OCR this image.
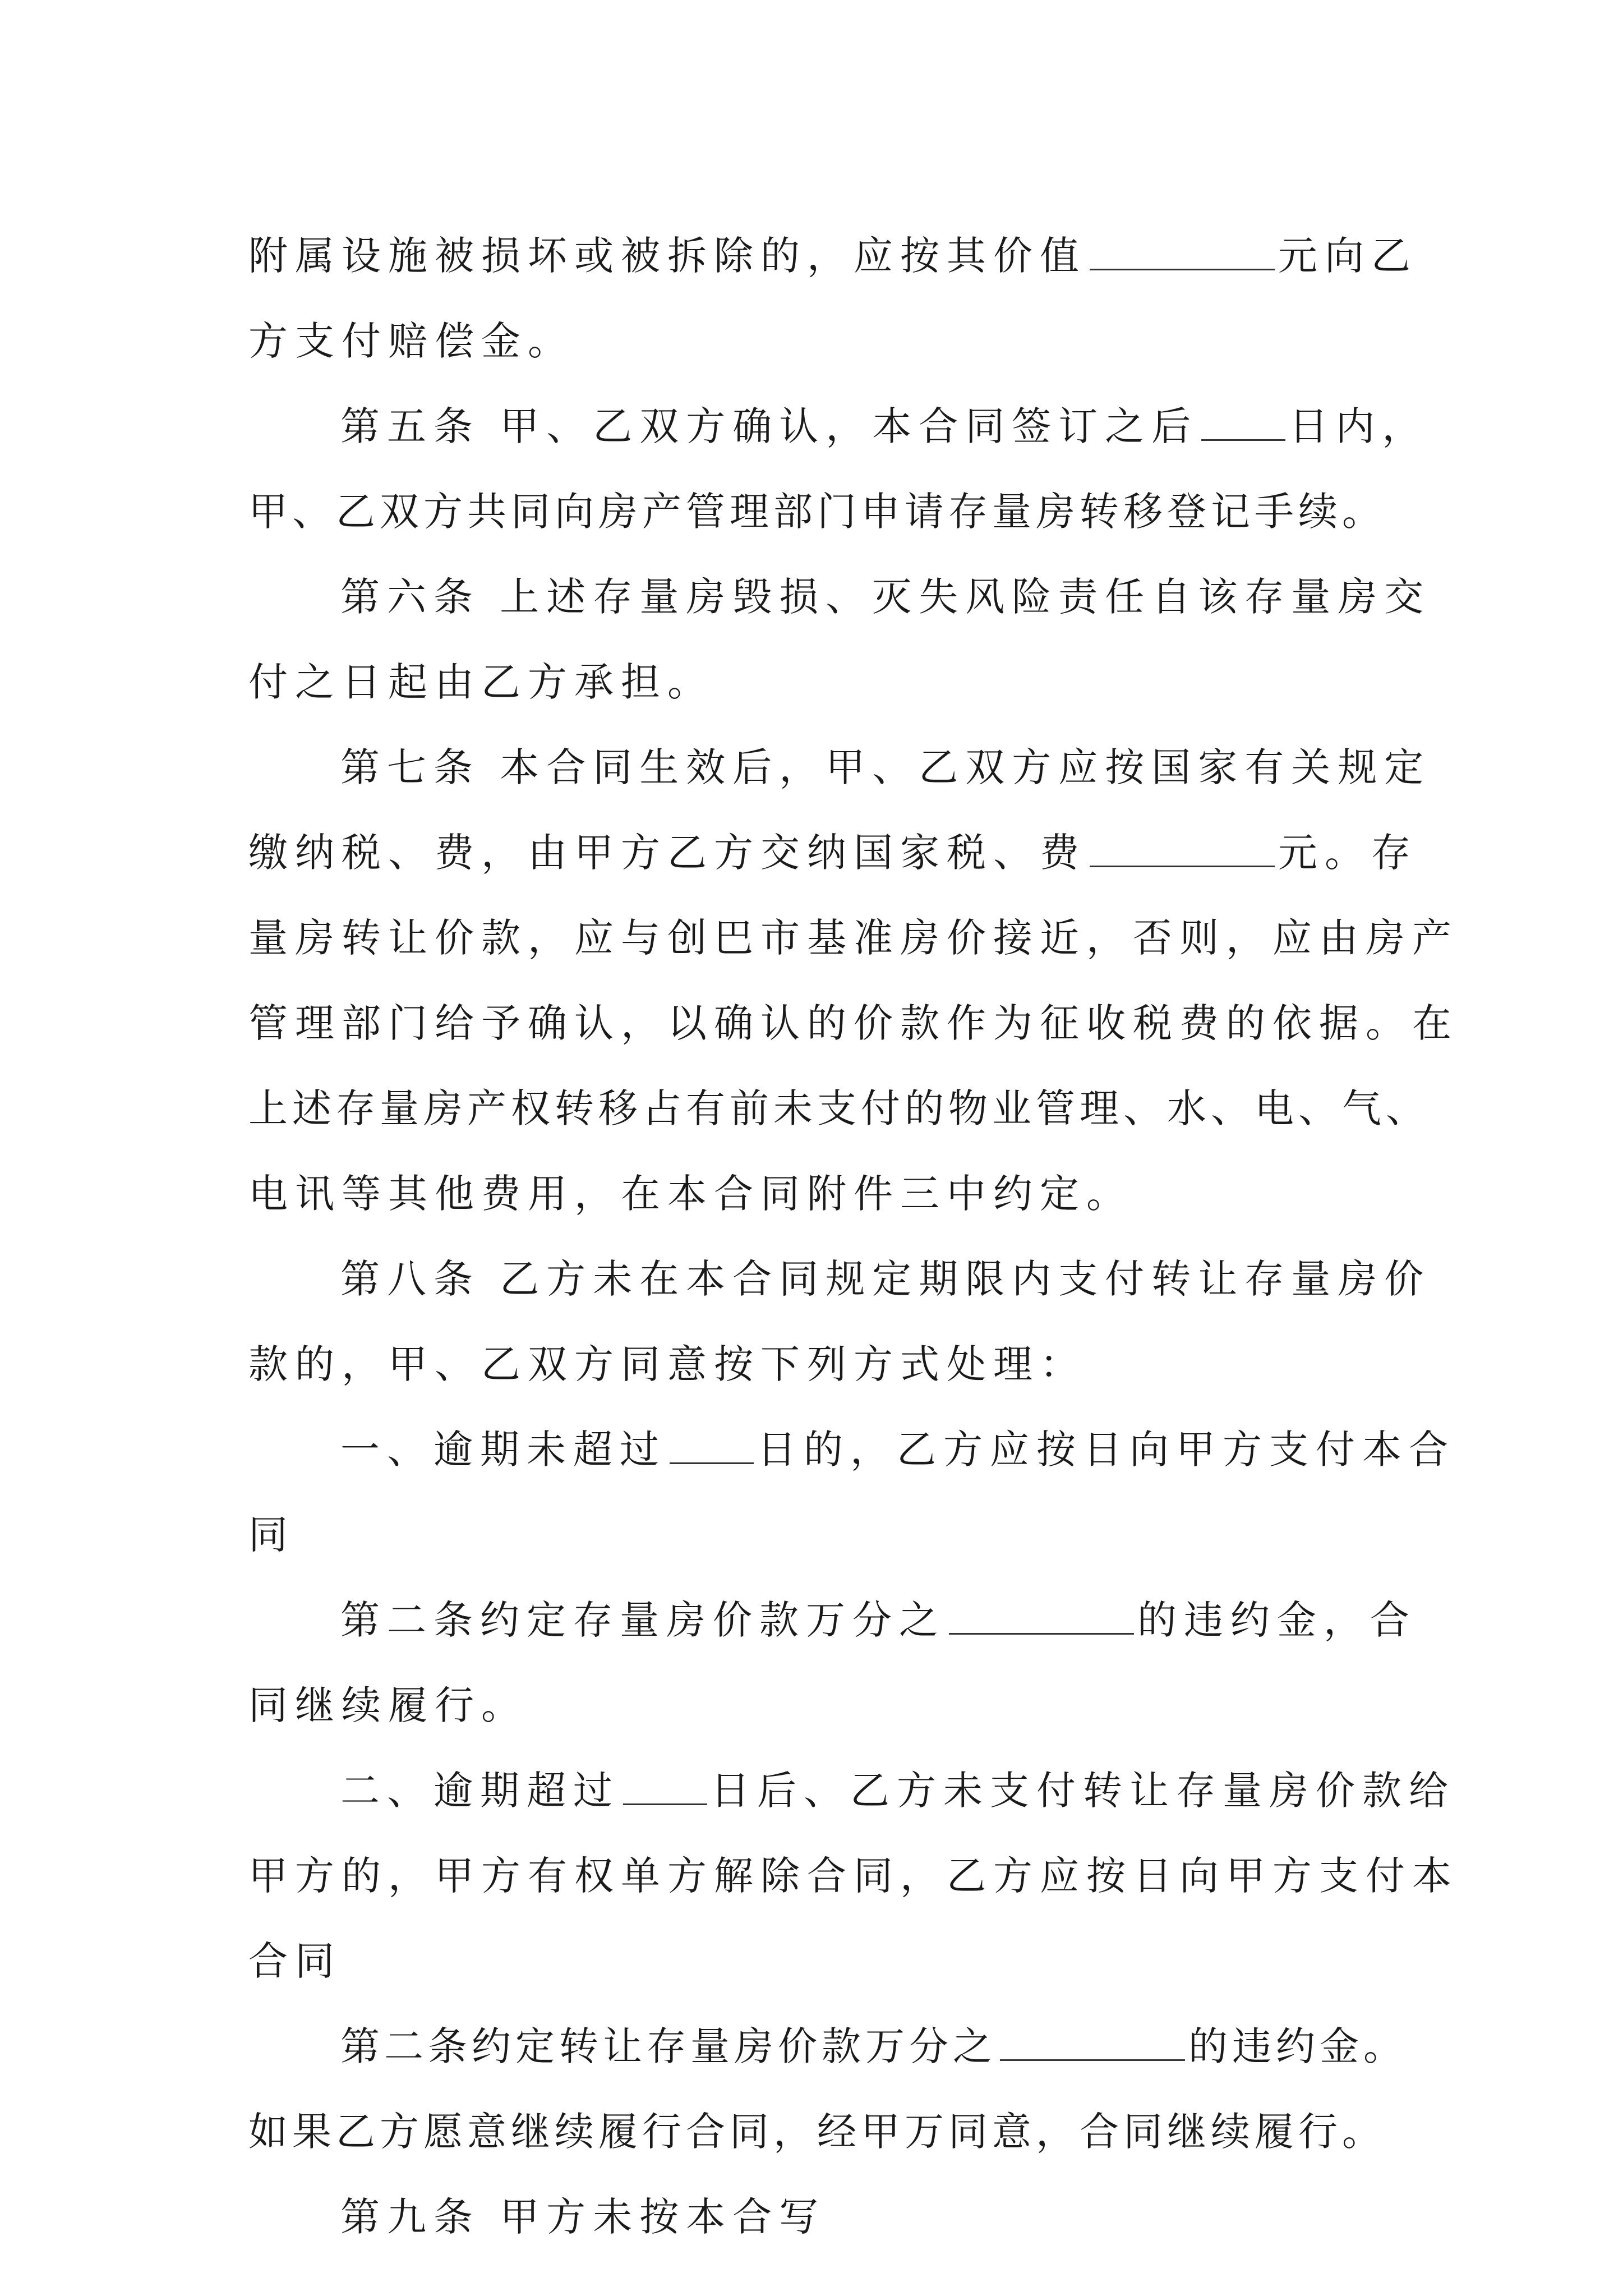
附属设施被损坏或被拆除的，应按其价值	元向乙
方支付赔偿金。
第五条 甲、乙双方确认，本合同签订之后 日内，
甲、乙双方共同向房产管理部门申请存量房转移登记手续。
第六条 上述存量房毁损、灭失风险责任自该存量房交
付之日起由乙方承担。
第七条 本合同生效后，甲、乙双方应按国家有关规定
缴纳税、费，由甲方乙方交纳国家税、费	元。存
量房转让价款，应与创巴市基准房价接近，否则，应由房产
管理部门给予确认，以确认的价款作为征收税费的依据。在
上述存量房产权转移占有前未支付的物业管理、水、电、气、
电讯等其他费用，在本合同附件三中约定。
第八条 乙方未在本合同规定期限内支付转让存量房价
款的，甲、乙双方同意按下列方式处理：
一、逾期未超过 日的，乙方应按日向甲方支付本合
同
第二条约定存量房价款万分之	的违约金，合
同继续履行。
二、逾期超过 日后、乙方未支付转让存量房价款给
甲方的，甲方有权单方解除合同，乙方应按日向甲方支付本
合同
第二条约定转让存量房价款万分之	的违约金。
如果乙方愿意继续履行合同，经甲万同意，合同继续履行。
第九条 甲方未按本合写
